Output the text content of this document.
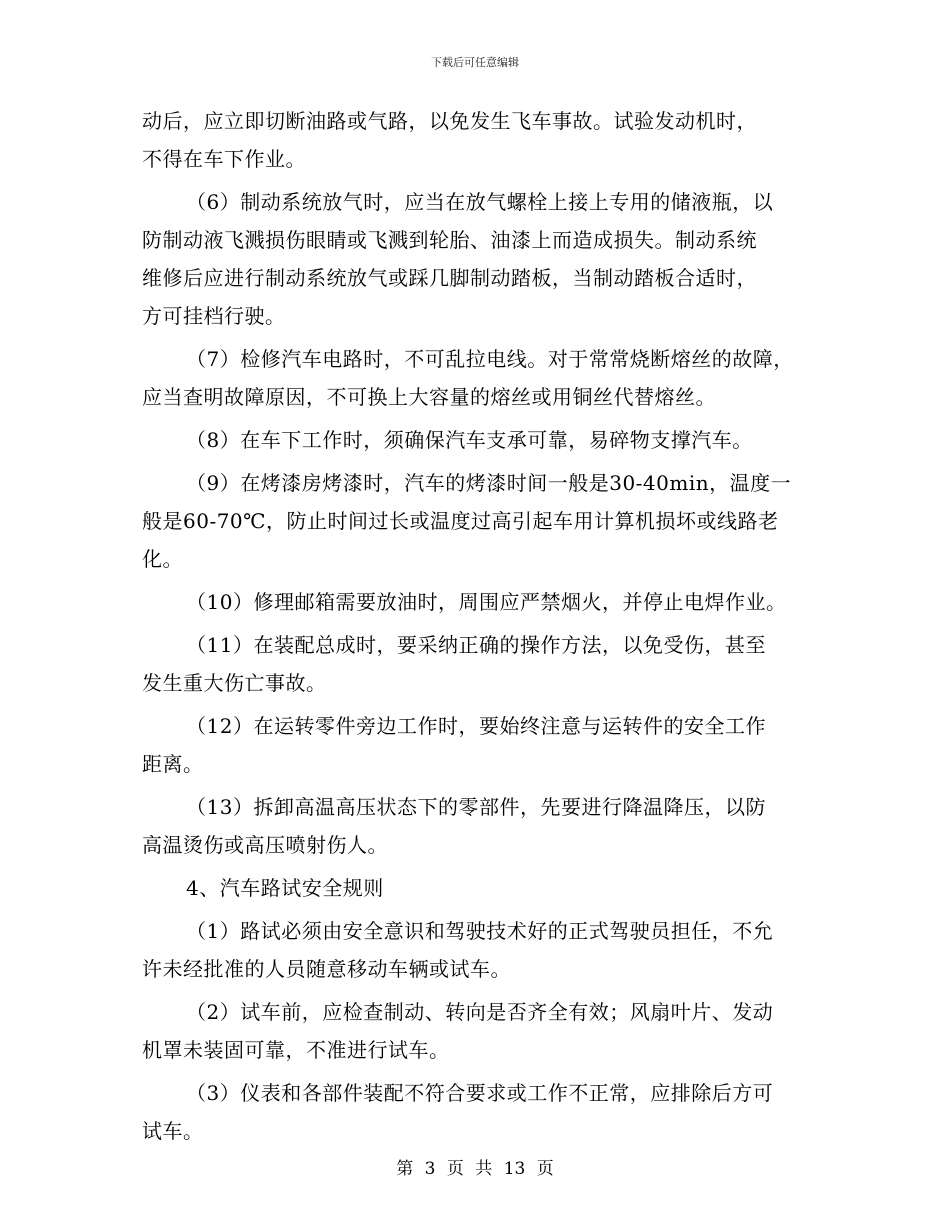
下载后可任意编辑
动后，应立即切断油路或气路，以免发生飞车事故。试验发动机时，
不得在车下作业。
（6）制动系统放气时，应当在放气螺栓上接上专用的储液瓶，以
防制动液飞溅损伤眼睛或飞溅到轮胎、油漆上而造成损失。制动系统
维修后应进行制动系统放气或踩几脚制动踏板，当制动踏板合适时，
方可挂档行驶。
（7）检修汽车电路时，不可乱拉电线。对于常常烧断熔丝的故障，
应当查明故障原因，不可换上大容量的熔丝或用铜丝代替熔丝。
（8）在车下工作时，须确保汽车支承可靠，易碎物支撑汽车。
（9）在烤漆房烤漆时，汽车的烤漆时间一般是30-40min，温度一
般是60-70℃，防止时间过长或温度过高引起车用计算机损坏或线路老
化。
（10）修理邮箱需要放油时，周围应严禁烟火，并停止电焊作业。
（11）在装配总成时，要采纳正确的操作方法，以免受伤，甚至
发生重大伤亡事故。
（12）在运转零件旁边工作时，要始终注意与运转件的安全工作
距离。
（13）拆卸高温高压状态下的零部件，先要进行降温降压，以防
高温烫伤或高压喷射伤人。
4、汽车路试安全规则
（1）路试必须由安全意识和驾驶技术好的正式驾驶员担任，不允
许未经批准的人员随意移动车辆或试车。
（2）试车前，应检查制动、转向是否齐全有效；风扇叶片、发动
机罩未装固可靠，不准进行试车。
（3）仪表和各部件装配不符合要求或工作不正常，应排除后方可
试车。
第 3 页 共 13 页
